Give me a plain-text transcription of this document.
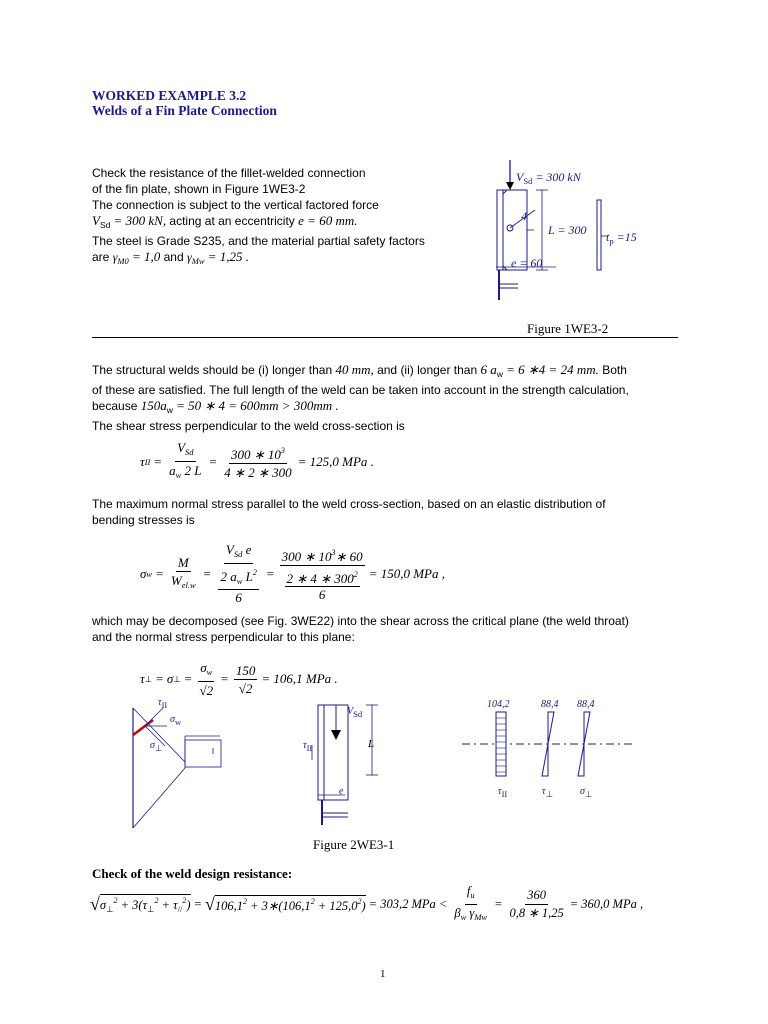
WORKED EXAMPLE 3.2
Welds of a Fin Plate Connection

Check the resistance of the fillet-welded connection

of the fin plate, shown in Figure 1WE3-2

The connection is subject to the vertical factored force

$V_{Sd} = 300$ kN, acting at an eccentricity e = 60 mm.

The steel is Grade S235, and the material partial safety factors

are $\gamma_{M0} = 1,0$ and $\gamma_{Mw} = 1,25$ .

$V_{Sd} = 300$ kN
4
L = 300 $t_p =15$
e = 60
Figure 1WE3-2

The structural welds should be (i) longer than 40 mm, and (ii) longer than 6 $a_w = 6$ ∗4 = 24 mm. Both

of these are satisfied. The full length of the weld can be taken into account in the strength calculation,

because $150a_w = 50$ ∗ 4 = 600mm > 300mm .

The shear stress perpendicular to the weld cross-section is

τ II = $\frac{V_{Sd}}{a_w 2 L} = \frac{300 ∗ 10^3}{4 ∗ 2 ∗ 300} = 125,0$ MPa .

The maximum normal stress parallel to the weld cross-section, based on an elastic distribution of

bending stresses is

σ $w = \frac{M}{W_{el.w}} = V_{Sd}$ e
2 $a_w$ $L^2$
6 = 300 ∗ $10^3∗$ 60
2 ∗ 4 ∗ $300^2$
6 = 150,0 MPa ,

which may be decomposed (see Fig. 3WE22) into the shear across the critical plane (the weld throat)

and the normal stress perpendicular to this plane:

τ ⊥ = σ ⊥ = $\frac{\sigma_w}{√2} = \frac{150}{√2} = 106,1$ MPa .
$\tau_{II}$
$\sigma_w$
$\sigma_\perp$
$V_{Sd}$
$\tau_{II}$	L
e
104,2	88,4 88,4
$\tau_{II}$	$\tau_\perp$	$\sigma_\perp$
Figure 2WE3-1
Check of the weld design resistance:
√ $\sigma_\perp^2 + 3(\tau_\perp^2 + \tau_{//}^2)$ = √ $106,1^2$ + $3∗(106,1^2 + 125,0^2) = 303,2$ MPa < $\frac{f_u}{\beta_w \gamma_{Mw}} = \frac{360}{0,8 ∗ 1,25} = 360,0$ MPa ,
1
